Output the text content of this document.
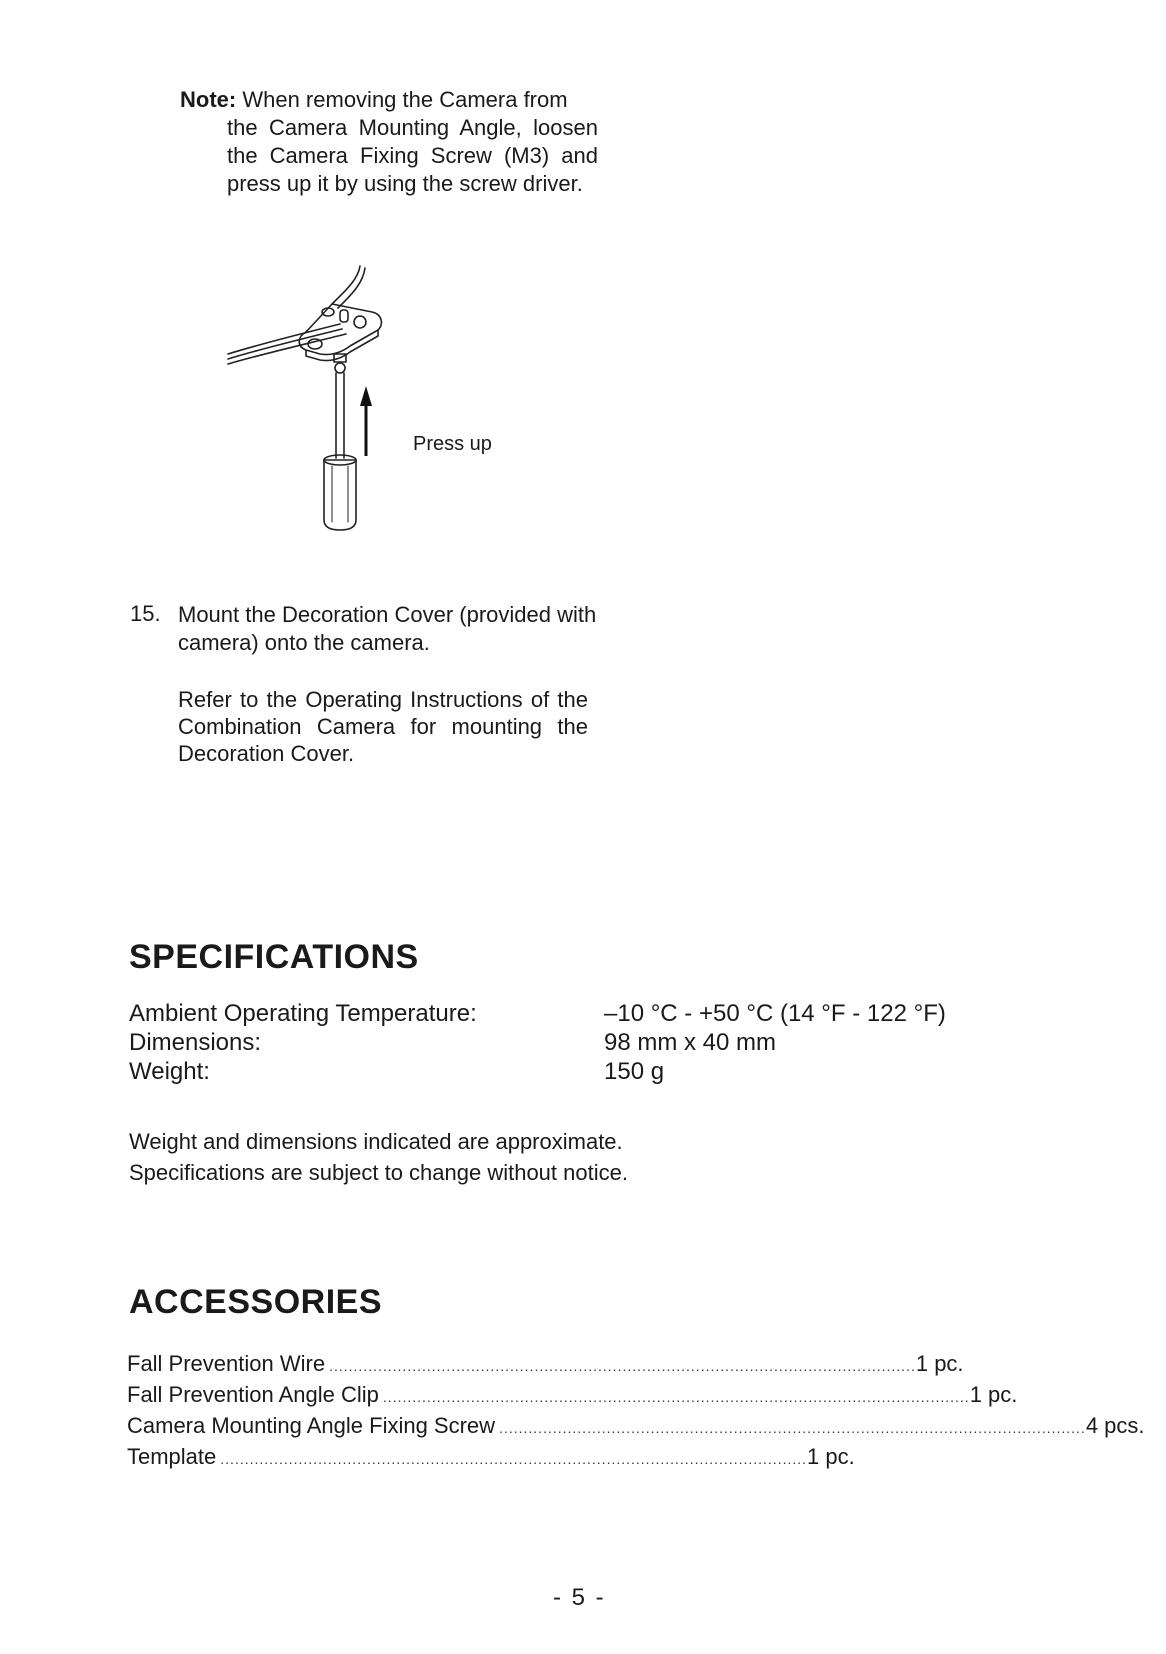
Note: When removing the Camera from
the Camera Mounting Angle, loosen the Camera Fixing Screw (M3) and press up it by using the screw driver.
Press up
15. Mount the Decoration Cover (provided with camera) onto the camera.
Refer to the Operating Instructions of the Combination Camera for mounting the Decoration Cover.
SPECIFICATIONS
Ambient Operating Temperature:	–10 °C - +50 °C (14 °F - 122 °F)
Dimensions:	98 mm x 40 mm
Weight:	150 g
Weight and dimensions indicated are approximate.
Specifications are subject to change without notice.
ACCESSORIES
Fall Prevention Wire ........................................................................................................................ 1 pc.
Fall Prevention Angle Clip ........................................................................................................................ 1 pc.
Camera Mounting Angle Fixing Screw ........................................................................................................................ 4 pcs.
Template ........................................................................................................................ 1 pc.
- 5 -
